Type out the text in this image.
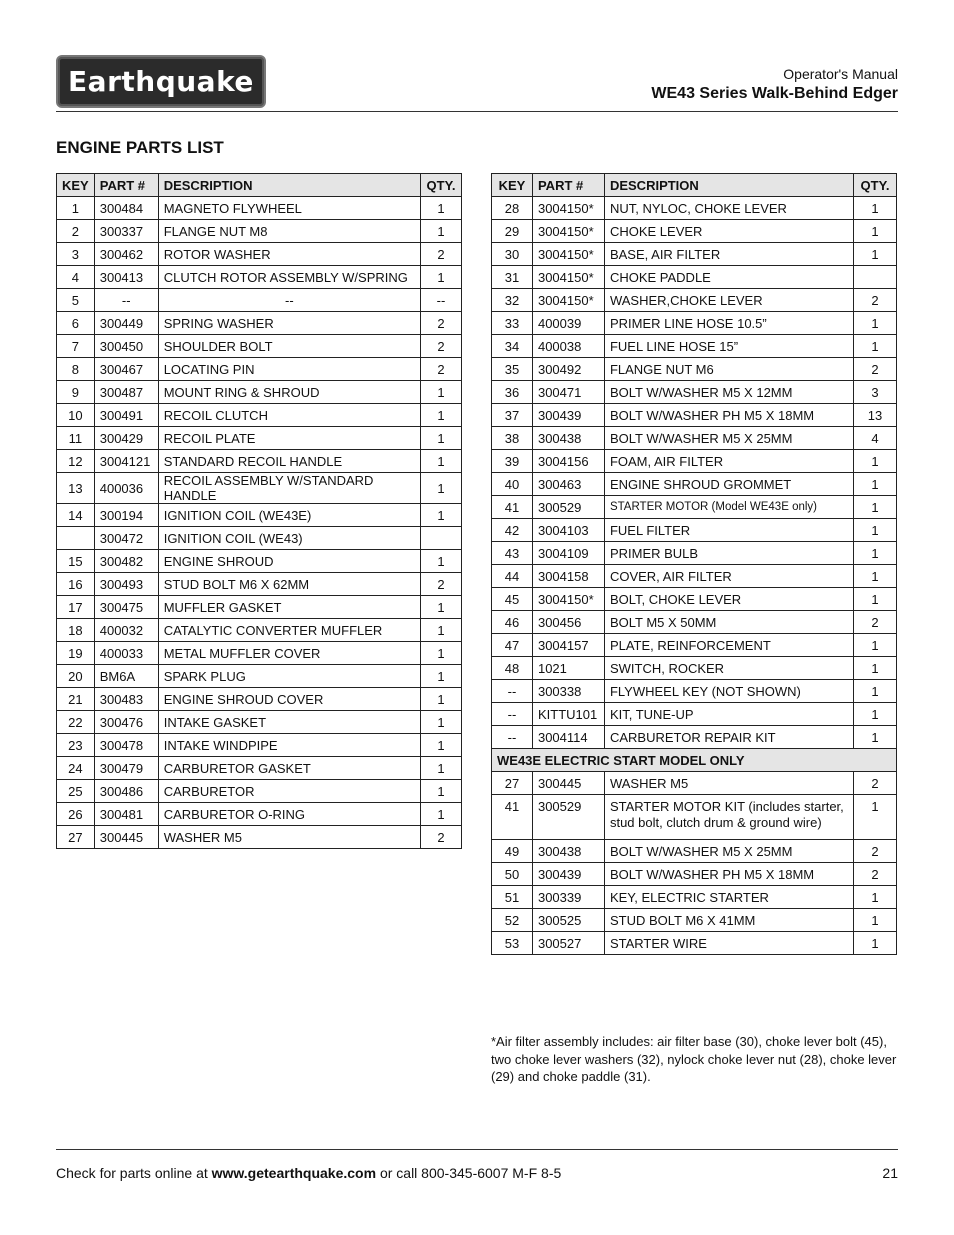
Earthquake	Operator's Manual
WE43 Series Walk-Behind Edger
ENGINE PARTS LIST
KEY	PART #	DESCRIPTION	QTY.
1	300484	MAGNETO FLYWHEEL	1
2	300337	FLANGE NUT M8	1
3	300462	ROTOR WASHER	2
4	300413	CLUTCH ROTOR ASSEMBLY W/SPRING	1
5	--	--	--
6	300449	SPRING WASHER	2
7	300450	SHOULDER BOLT	2
8	300467	LOCATING PIN	2
9	300487	MOUNT RING & SHROUD	1
10	300491	RECOIL CLUTCH	1
11	300429	RECOIL PLATE	1
12	3004121	STANDARD RECOIL HANDLE	1
13	400036	RECOIL ASSEMBLY W/STANDARD HANDLE	1
14	300194	IGNITION COIL (WE43E)	1
	300472	IGNITION COIL (WE43)	
15	300482	ENGINE SHROUD	1
16	300493	STUD BOLT M6 X 62MM	2
17	300475	MUFFLER GASKET	1
18	400032	CATALYTIC CONVERTER MUFFLER	1
19	400033	METAL MUFFLER COVER	1
20	BM6A	SPARK PLUG	1
21	300483	ENGINE SHROUD COVER	1
22	300476	INTAKE GASKET	1
23	300478	INTAKE WINDPIPE	1
24	300479	CARBURETOR GASKET	1
25	300486	CARBURETOR	1
26	300481	CARBURETOR O-RING	1
27	300445	WASHER M5	2
KEY	PART #	DESCRIPTION	QTY.
28	3004150*	NUT, NYLOC, CHOKE LEVER	1
29	3004150*	CHOKE LEVER	1
30	3004150*	BASE, AIR FILTER	1
31	3004150*	CHOKE PADDLE	
32	3004150*	WASHER,CHOKE LEVER	2
33	400039	PRIMER LINE HOSE 10.5”	1
34	400038	FUEL LINE HOSE 15”	1
35	300492	FLANGE NUT M6	2
36	300471	BOLT W/WASHER M5 X 12MM	3
37	300439	BOLT W/WASHER PH M5 X 18MM	13
38	300438	BOLT W/WASHER M5 X 25MM	4
39	3004156	FOAM, AIR FILTER	1
40	300463	ENGINE SHROUD GROMMET	1
41	300529	STARTER MOTOR (Model WE43E only)	1
42	3004103	FUEL FILTER	1
43	3004109	PRIMER BULB	1
44	3004158	COVER, AIR FILTER	1
45	3004150*	BOLT, CHOKE LEVER	1
46	300456	BOLT M5 X 50MM	2
47	3004157	PLATE, REINFORCEMENT	1
48	1021	SWITCH, ROCKER	1
--	300338	FLYWHEEL KEY (NOT SHOWN)	1
--	KITTU101	KIT, TUNE-UP	1
--	3004114	CARBURETOR REPAIR KIT	1
WE43E ELECTRIC START MODEL ONLY			
27	300445	WASHER M5	2
41	300529	STARTER MOTOR KIT (includes starter, stud bolt, clutch drum & ground wire)	1
49	300438	BOLT W/WASHER M5 X 25MM	2
50	300439	BOLT W/WASHER PH M5 X 18MM	2
51	300339	KEY, ELECTRIC STARTER	1
52	300525	STUD BOLT M6 X 41MM	1
53	300527	STARTER WIRE	1
*Air filter assembly includes: air filter base (30), choke lever bolt (45), two choke lever washers (32), nylock choke lever nut (28), choke lever (29) and choke paddle (31).
Check for parts online at www.getearthquake.com or call 800-345-6007 M-F 8-5	21
